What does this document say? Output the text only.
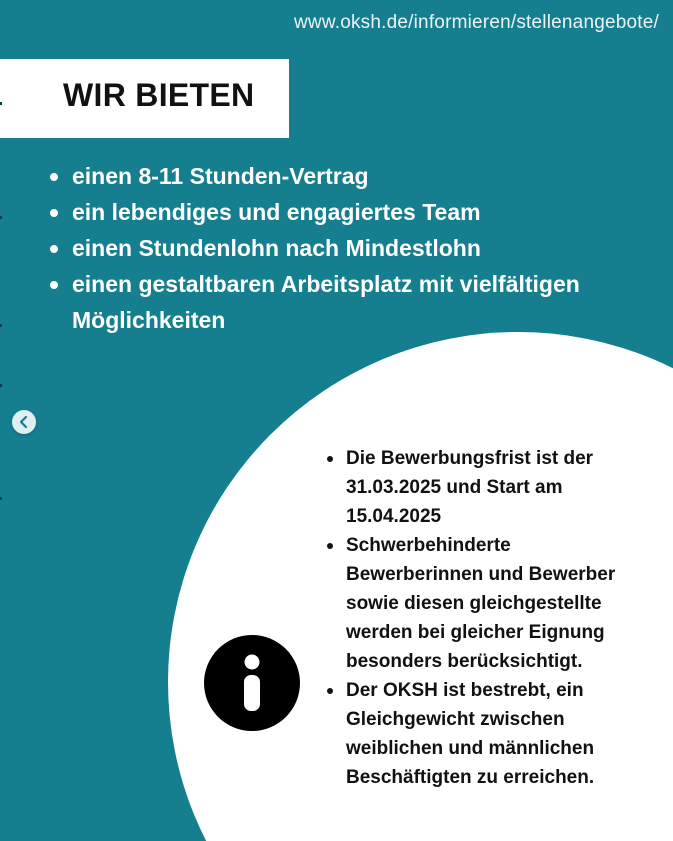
www.oksh.de/informieren/stellenangebote/
WIR BIETEN
einen 8-11 Stunden-Vertrag
ein lebendiges und engagiertes Team
einen Stundenlohn nach Mindestlohn
einen gestaltbaren Arbeitsplatz mit vielfältigen Möglichkeiten
Die Bewerbungsfrist ist der 31.03.2025 und Start am 15.04.2025
Schwerbehinderte Bewerberinnen und Bewerber sowie diesen gleichgestellte werden bei gleicher Eignung besonders berücksichtigt.
Der OKSH ist bestrebt, ein Gleichgewicht zwischen weiblichen und männlichen Beschäftigten zu erreichen.
